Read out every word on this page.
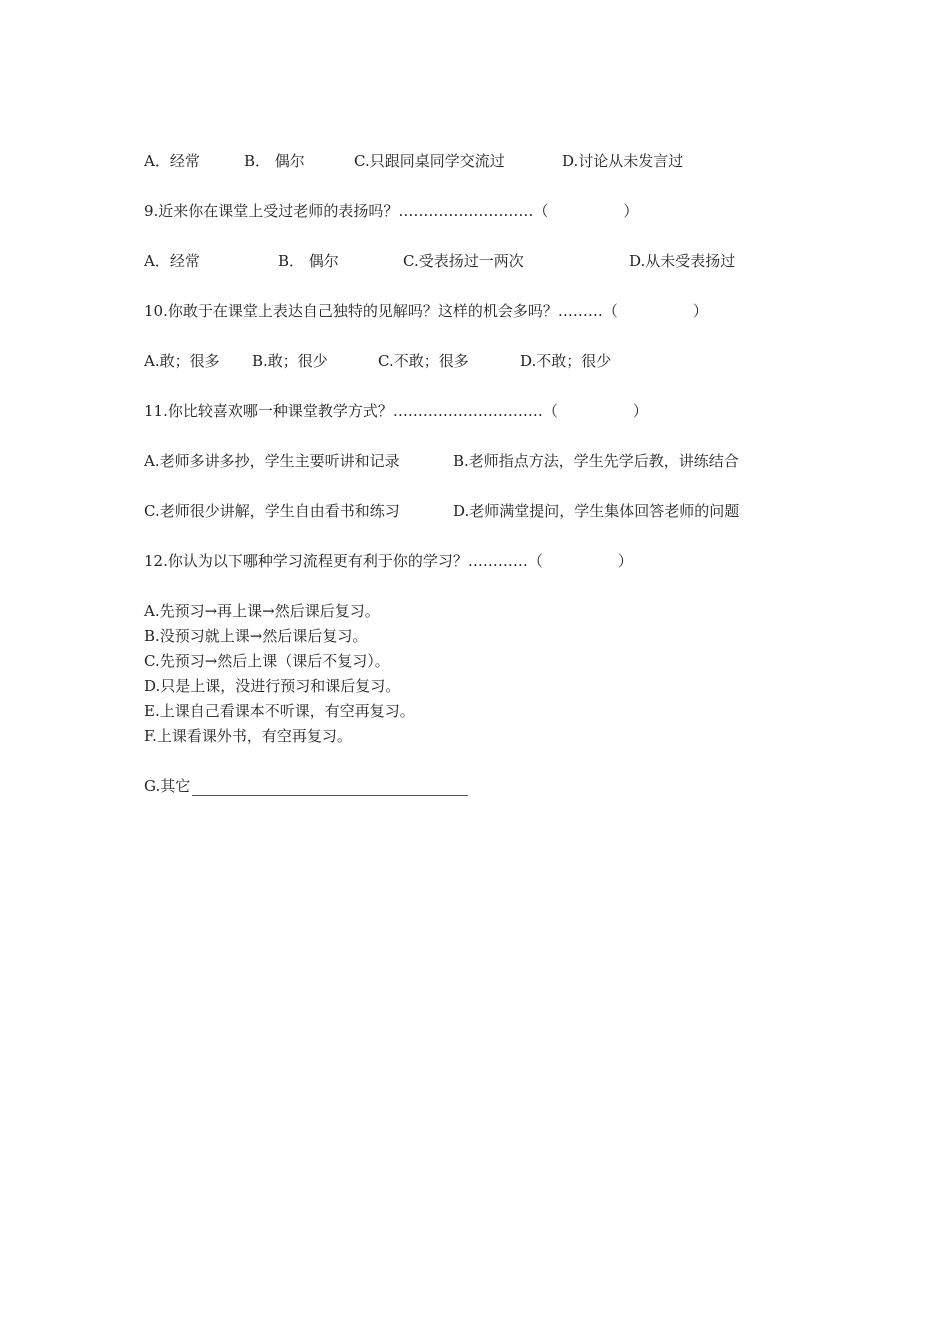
A．经常	B． 偶尔	C.只跟同桌同学交流过	D.讨论从未发言过
9.近来你在课堂上受过老师的表扬吗？………………………（　　　　　）
A．经常	B． 偶尔	C.受表扬过一两次	D.从未受表扬过
10.你敢于在课堂上表达自己独特的见解吗？这样的机会多吗？………（　　　　　）
A.敢；很多	B.敢；很少	C.不敢；很多	D.不敢；很少
11.你比较喜欢哪一种课堂教学方式？…………………………（　　　　　）
A.老师多讲多抄，学生主要听讲和记录	B.老师指点方法，学生先学后教，讲练结合
C.老师很少讲解，学生自由看书和练习	D.老师满堂提问，学生集体回答老师的问题
12.你认为以下哪种学习流程更有利于你的学习？…………（　　　　　）
A.先预习→再上课→然后课后复习。
B.没预习就上课→然后课后复习。
C.先预习→然后上课（课后不复习）。
D.只是上课，没进行预习和课后复习。
E.上课自己看课本不听课，有空再复习。
F.上课看课外书，有空再复习。
G.其它
